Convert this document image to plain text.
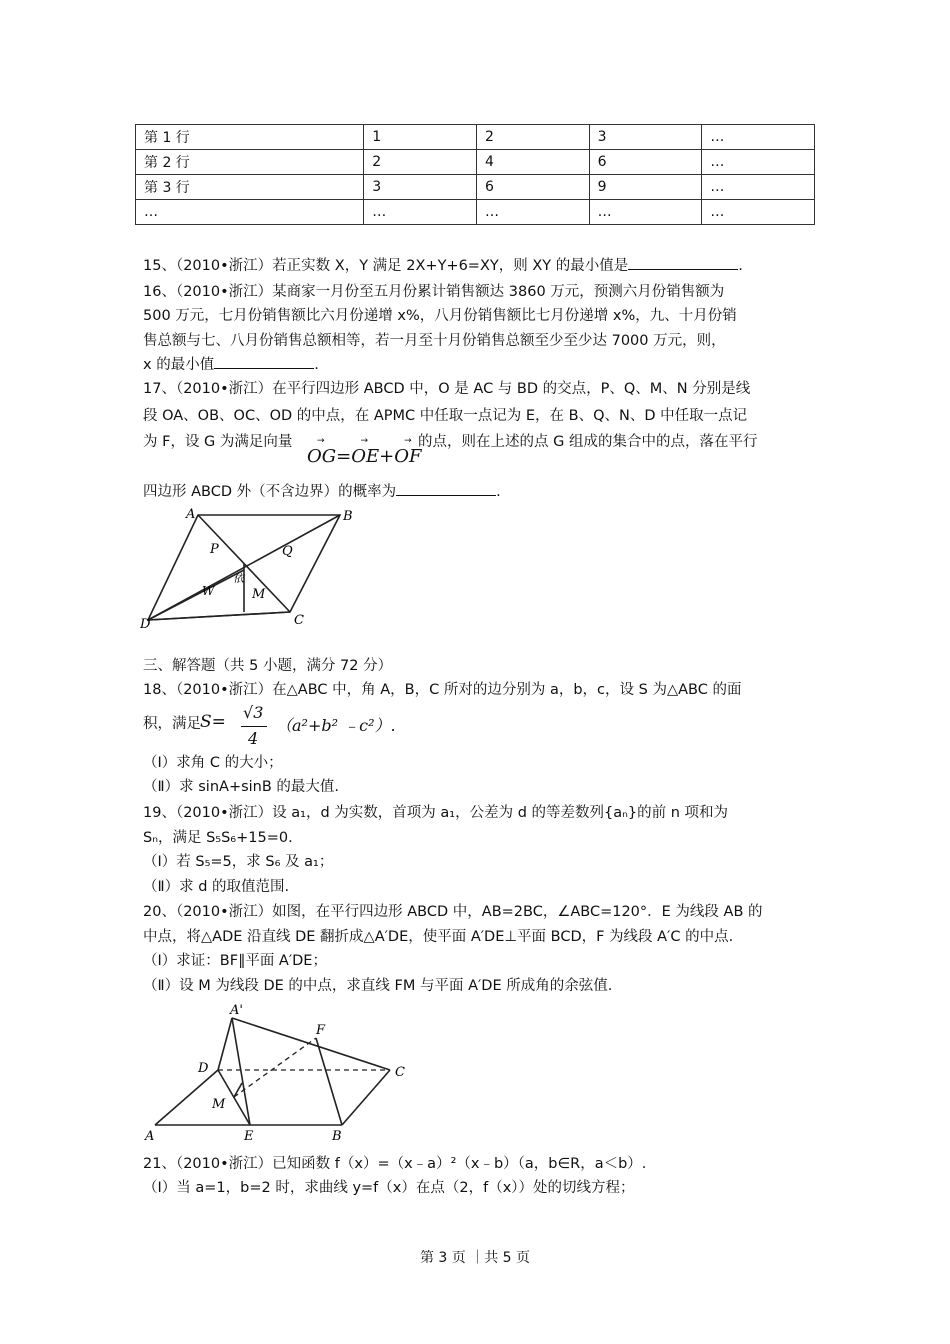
第 1 行	1	2	3	…
第 2 行	2	4	6	…
第 3 行	3	6	9	…
…	…	…	…	…
15、（2010•浙江）若正实数 X，Y 满足 2X+Y+6=XY，则 XY 的最小值是	.
16、（2010•浙江）某商家一月份至五月份累计销售额达 3860 万元，预测六月份销售额为
500 万元，七月份销售额比六月份递增 x%，八月份销售额比七月份递增 x%，九、十月份销
售总额与七、八月份销售总额相等，若一月至十月份销售总额至少至少达 7000 万元，则，
x 的最小值	.
17、（2010•浙江）在平行四边形 ABCD 中，O 是 AC 与 BD 的交点，P、Q、M、N 分别是线
段 OA、OB、OC、OD 的中点，在 APMC 中任取一点记为 E，在 B、Q、N、D 中任取一点记
为 F，设 G 为满足向量	→    →    →
OG=OE+OF
的点，则在上述的点 G 组成的集合中的点，落在平行
四边形 ABCD 外（不含边界）的概率为	.
A	B
P	Q
W	M
D	C
依
三、解答题（共 5 小题，满分 72 分）
18、（2010•浙江）在△ABC 中，角 A，B，C 所对的边分别为 a，b，c，设 S 为△ABC 的面
积，满足 S= √3
4
（a²+b² ﹣c²）.
（Ⅰ）求角 C 的大小；
（Ⅱ）求 sinA+sinB 的最大值.
19、（2010•浙江）设 a₁，d 为实数，首项为 a₁，公差为 d 的等差数列{aₙ}的前 n 项和为
Sₙ，满足 S₅S₆+15=0.
（Ⅰ）若 S₅=5，求 S₆ 及 a₁；
（Ⅱ）求 d 的取值范围.
20、（2010•浙江）如图，在平行四边形 ABCD 中，AB=2BC，∠ABC=120°．E 为线段 AB 的
中点，将△ADE 沿直线 DE 翻折成△A′DE，使平面 A′DE⊥平面 BCD，F 为线段 A′C 的中点.
（Ⅰ）求证：BF∥平面 A′DE；
（Ⅱ）设 M 为线段 DE 的中点，求直线 FM 与平面 A′DE 所成角的余弦值.
A'
F
D	C
M
A	E	B
21、（2010•浙江）已知函数 f（x）=（x﹣a）²（x﹣b）（a，b∈R，a＜b）.
（I）当 a=1，b=2 时，求曲线 y=f（x）在点（2，f（x））处的切线方程；
第 3 页 ｜共 5 页
